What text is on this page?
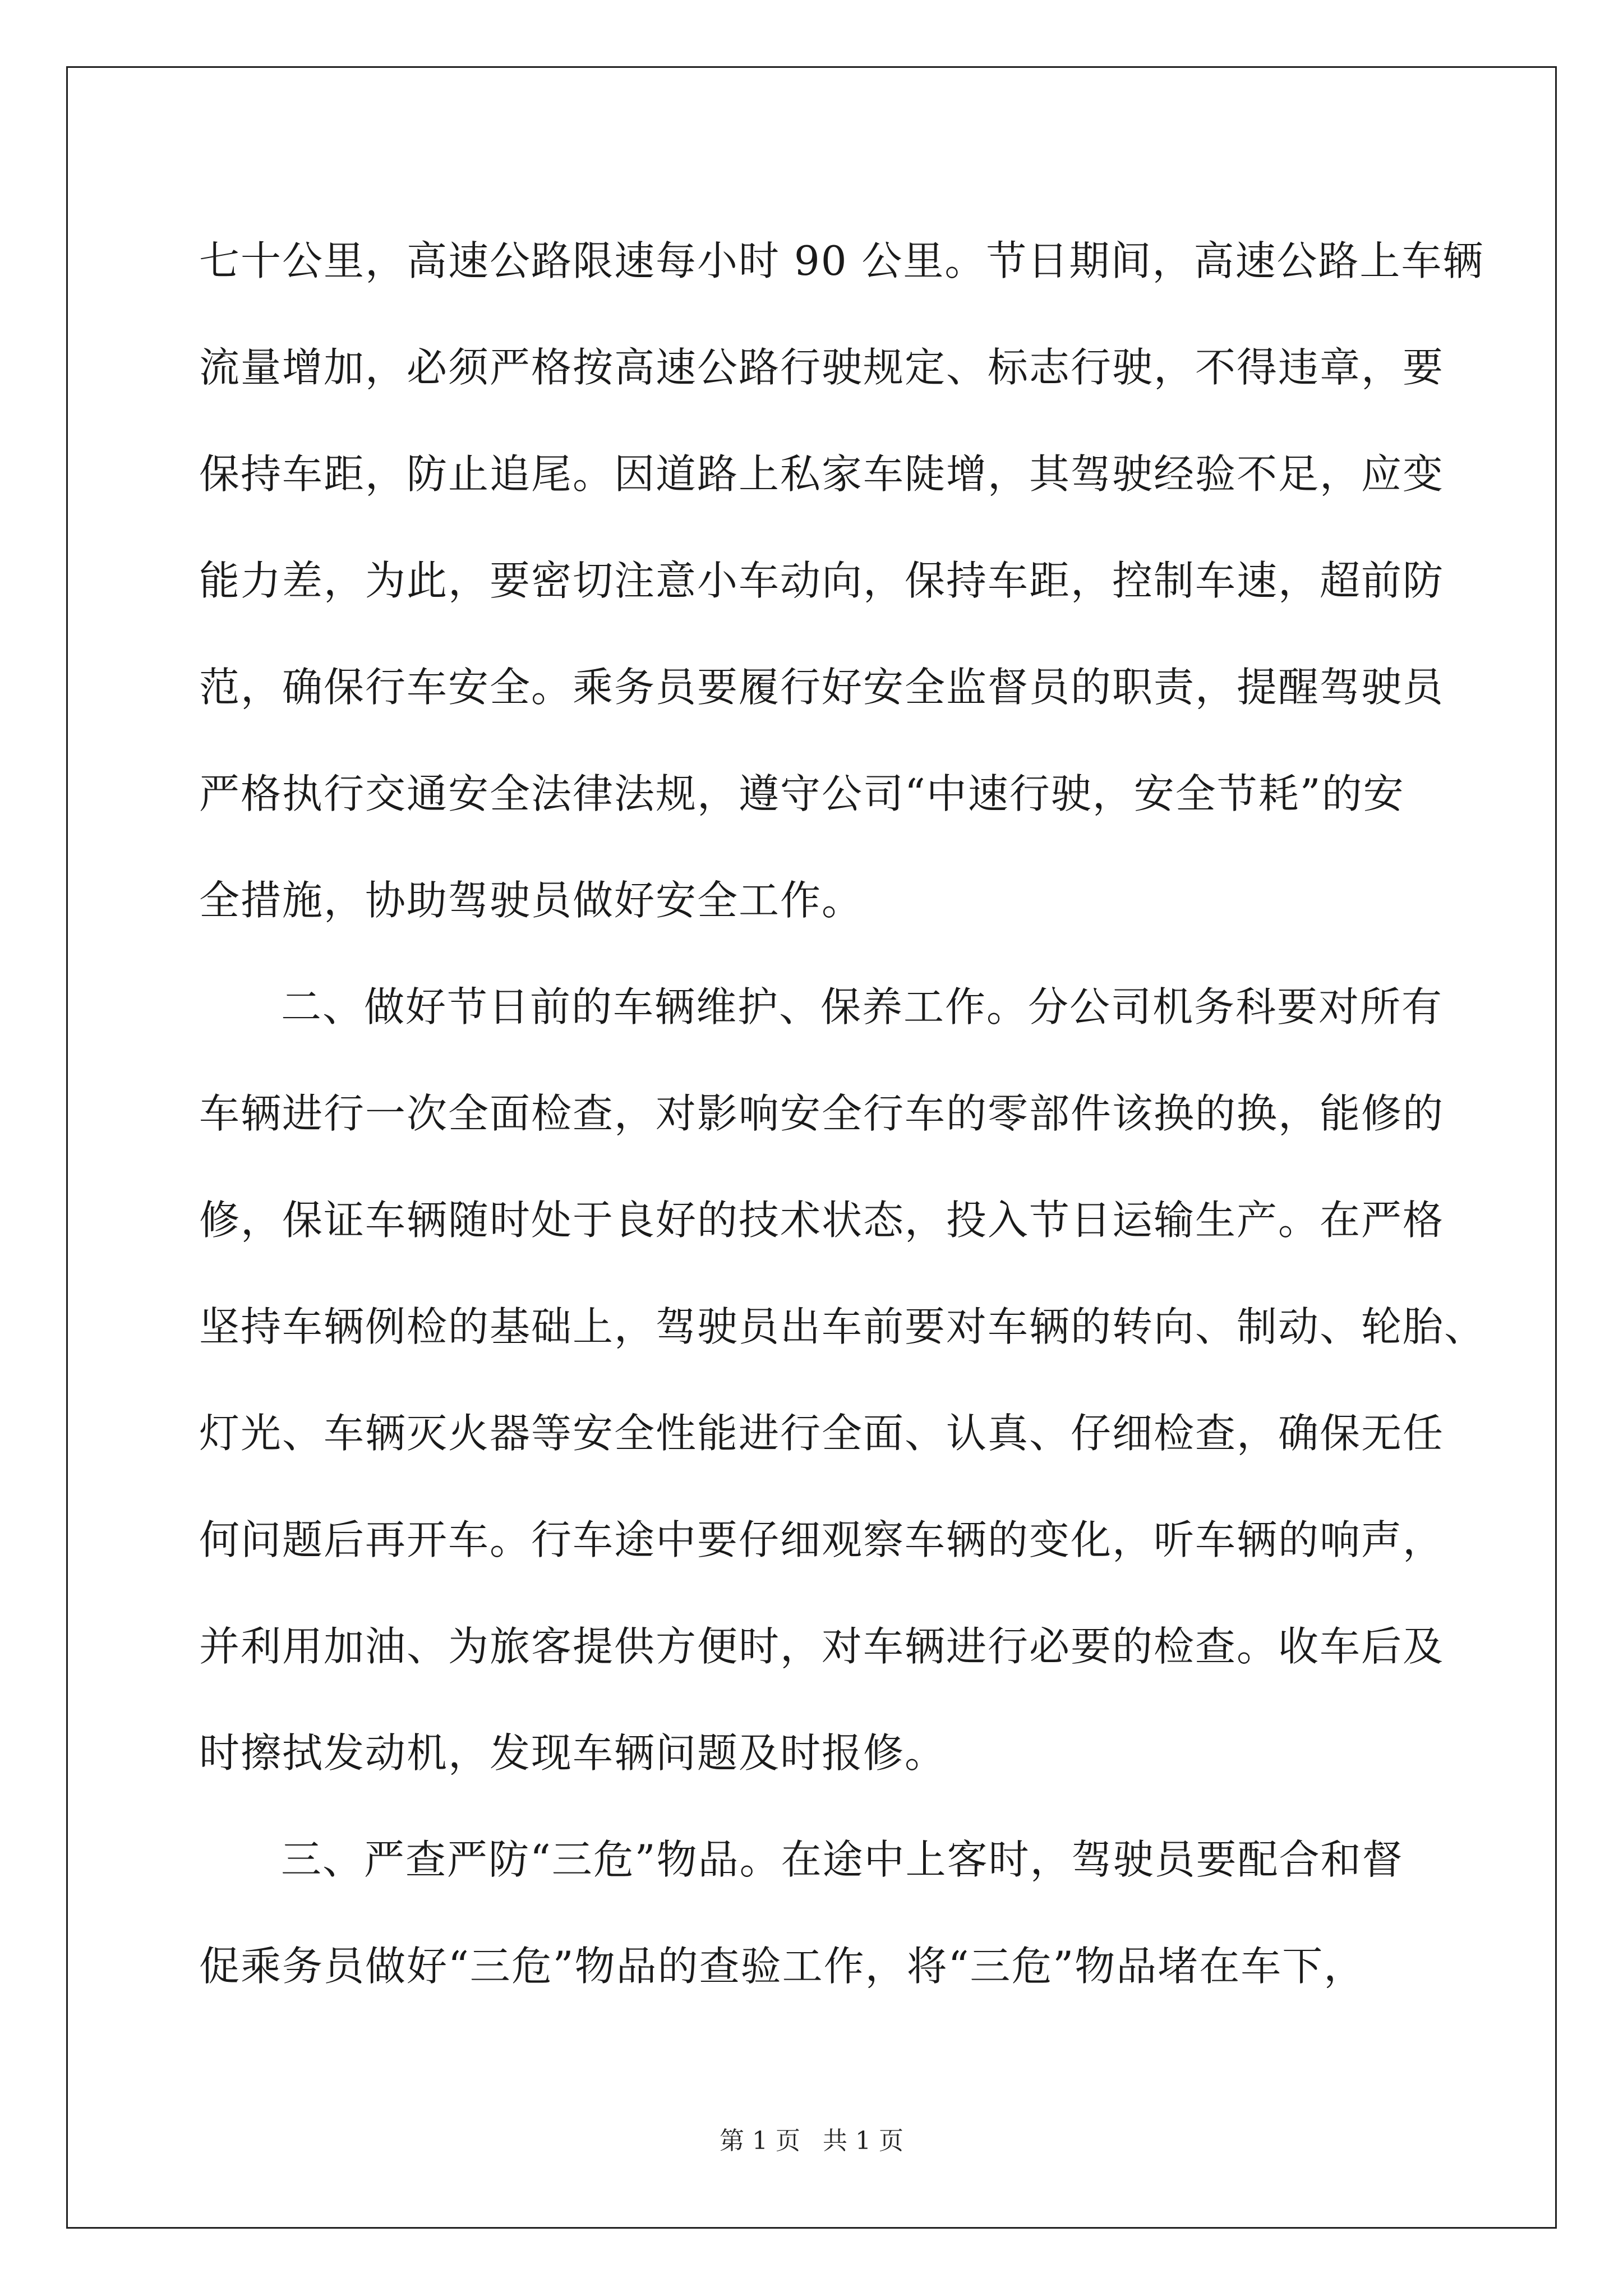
七十公里，高速公路限速每小时 90 公里。节日期间，高速公路上车辆
流量增加，必须严格按高速公路行驶规定、标志行驶，不得违章，要
保持车距，防止追尾。因道路上私家车陡增，其驾驶经验不足，应变
能力差，为此，要密切注意小车动向，保持车距，控制车速，超前防
范，确保行车安全。乘务员要履行好安全监督员的职责，提醒驾驶员
严格执行交通安全法律法规，遵守公司“中速行驶，安全节耗”的安
全措施，协助驾驶员做好安全工作。
二、做好节日前的车辆维护、保养工作。分公司机务科要对所有
车辆进行一次全面检查，对影响安全行车的零部件该换的换，能修的
修，保证车辆随时处于良好的技术状态，投入节日运输生产。在严格
坚持车辆例检的基础上，驾驶员出车前要对车辆的转向、制动、轮胎、
灯光、车辆灭火器等安全性能进行全面、认真、仔细检查，确保无任
何问题后再开车。行车途中要仔细观察车辆的变化，听车辆的响声，
并利用加油、为旅客提供方便时，对车辆进行必要的检查。收车后及
时擦拭发动机，发现车辆问题及时报修。
三、严查严防“三危”物品。在途中上客时，驾驶员要配合和督
促乘务员做好“三危”物品的查验工作，将“三危”物品堵在车下，
第 1 页 共 1 页
